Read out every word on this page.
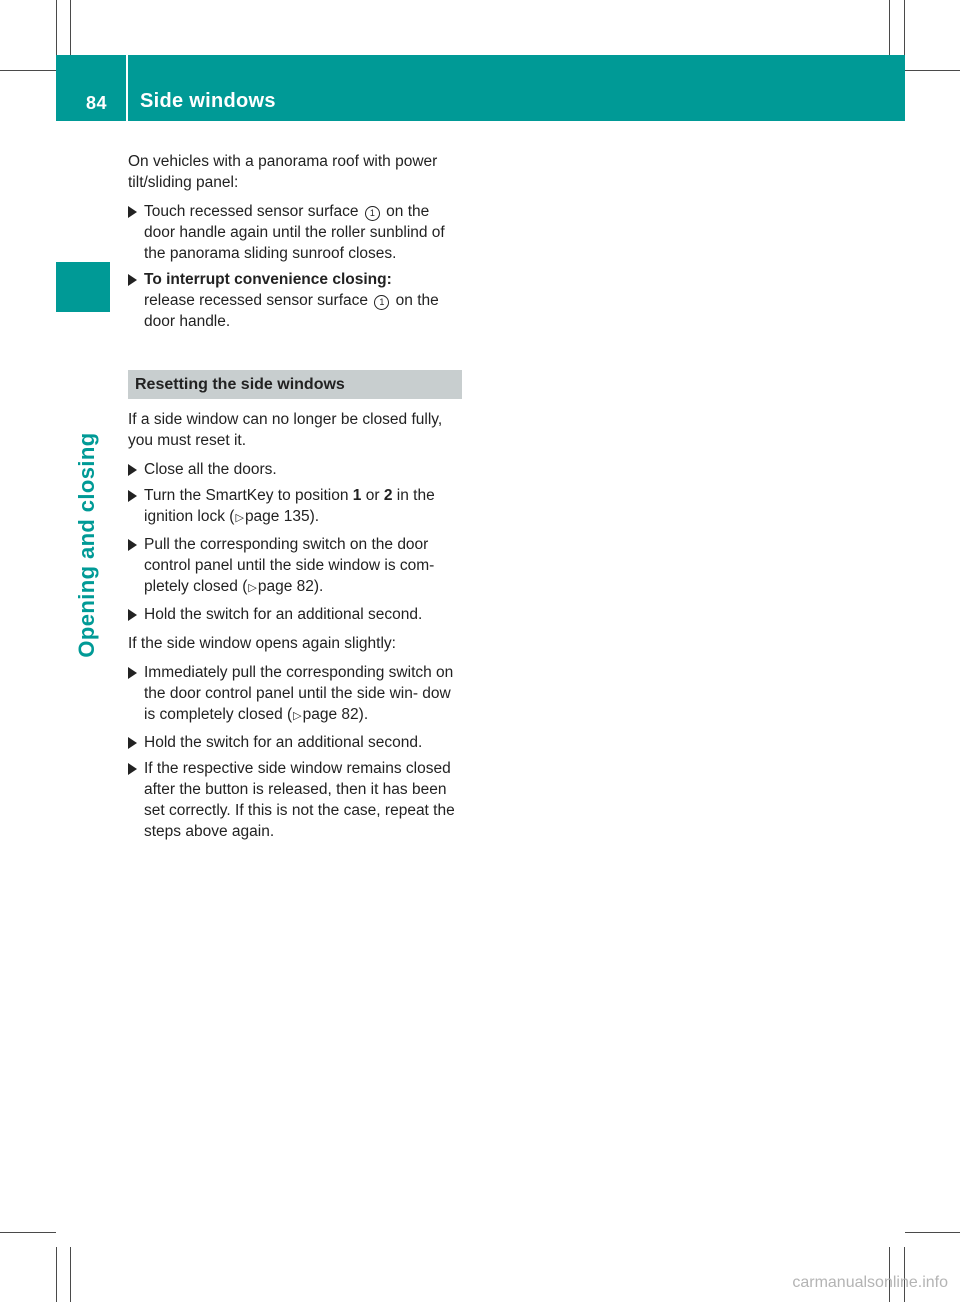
84 Side windows
Opening and closing

On vehicles with a panorama roof with power tilt/sliding panel:

Touch recessed sensor surface 1 on the door handle again until the roller sunblind of the panorama sliding sunroof closes.
To interrupt convenience closing:
release recessed sensor surface 1 on the door handle.
Resetting the side windows

If a side window can no longer be closed fully, you must reset it.

Close all the doors.
Turn the SmartKey to position 1 or 2 in the ignition lock (▷page 135).
Pull the corresponding switch on the door control panel until the side window is com- pletely closed (▷page 82).
Hold the switch for an additional second.

If the side window opens again slightly:

Immediately pull the corresponding switch on the door control panel until the side win- dow is completely closed (▷page 82).
Hold the switch for an additional second.
If the respective side window remains closed after the button is released, then it has been set correctly. If this is not the case, repeat the steps above again.
carmanualsonline.info
